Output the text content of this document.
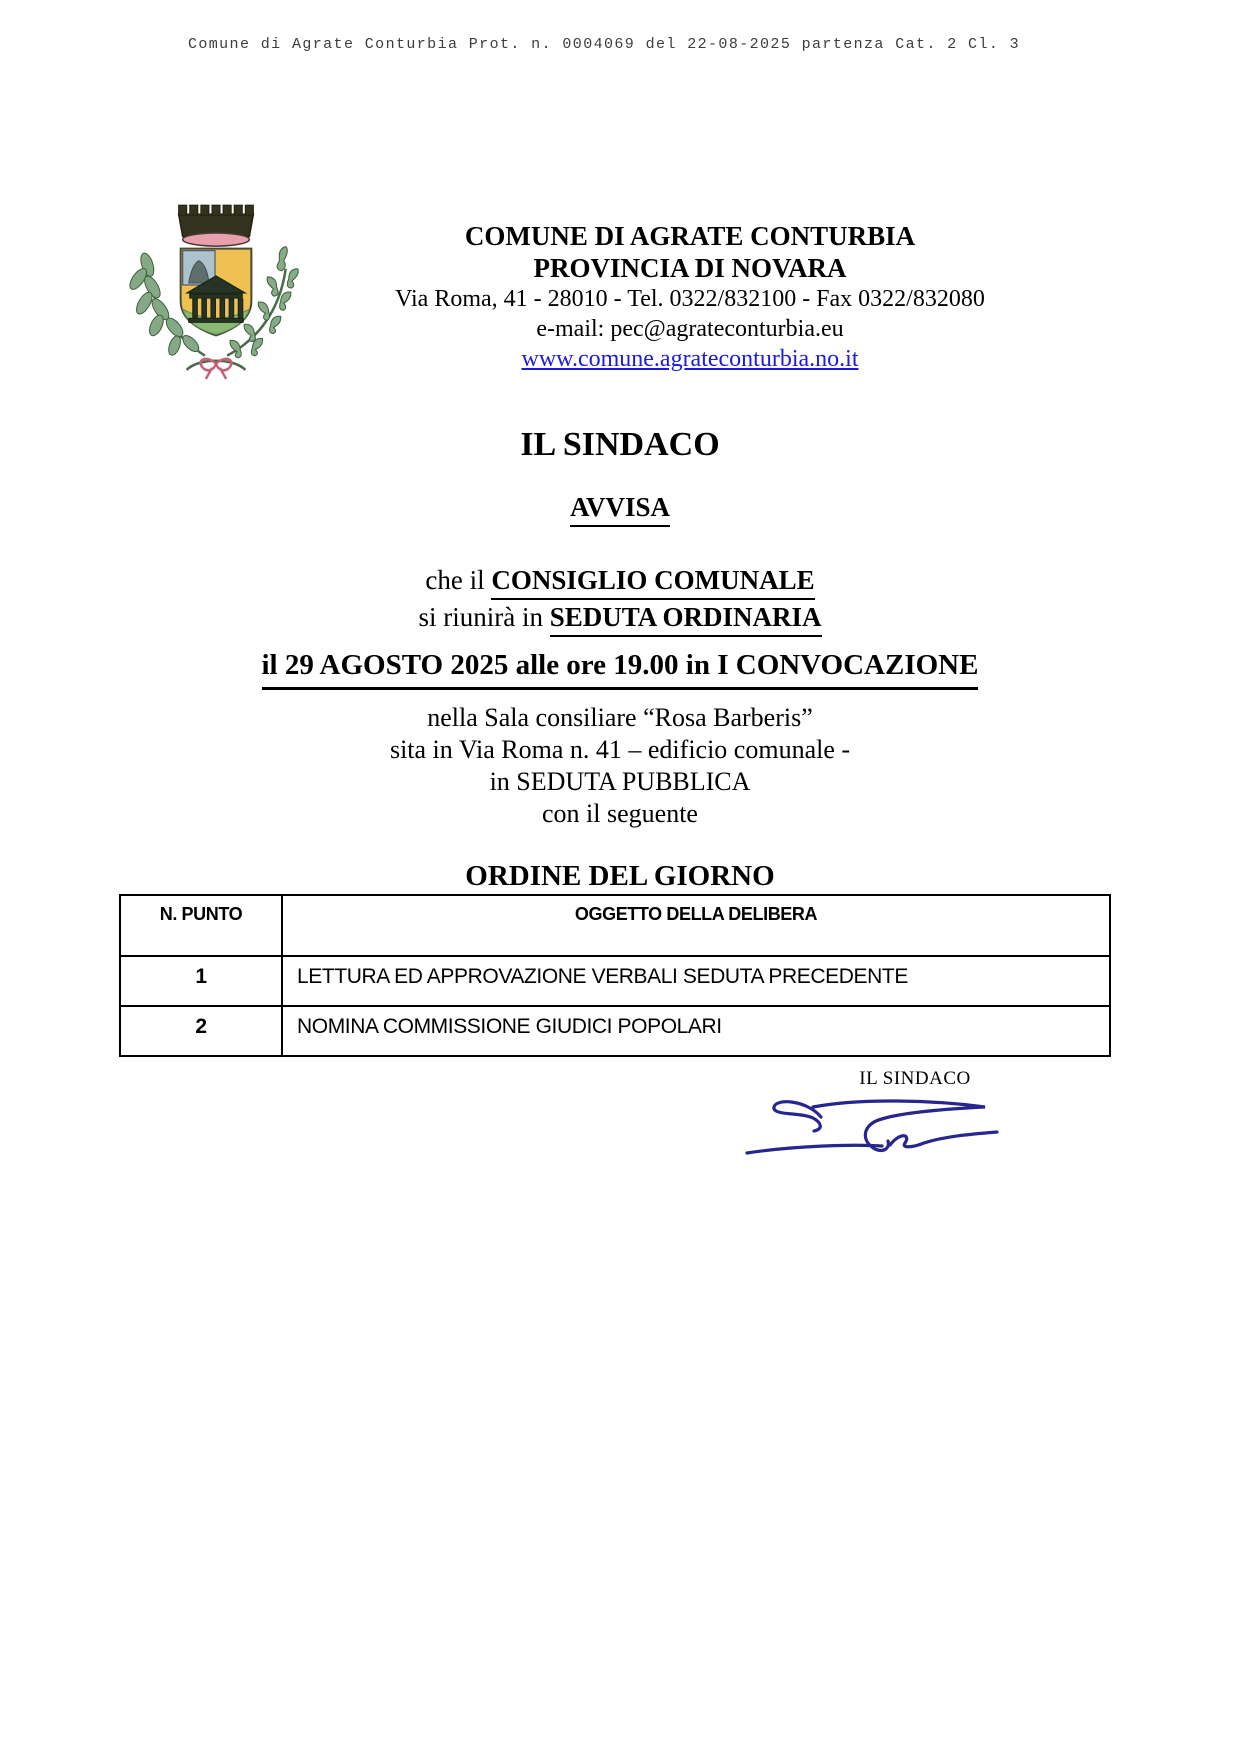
Comune di Agrate Conturbia Prot. n. 0004069 del 22-08-2025 partenza Cat. 2 Cl. 3
COMUNE DI AGRATE CONTURBIA
PROVINCIA DI NOVARA
Via Roma, 41 - 28010 - Tel. 0322/832100 - Fax 0322/832080
e-mail: pec@agrateconturbia.eu
www.comune.agrateconturbia.no.it
IL SINDACO
AVVISA
che il CONSIGLIO COMUNALE
si riunirà in SEDUTA ORDINARIA
il 29 AGOSTO 2025 alle ore 19.00 in I CONVOCAZIONE
nella Sala consiliare “Rosa Barberis”
sita in Via Roma n. 41 – edificio comunale -
in SEDUTA PUBBLICA
con il seguente
ORDINE DEL GIORNO
N. PUNTO	OGGETTO DELLA DELIBERA
1	LETTURA ED APPROVAZIONE VERBALI SEDUTA PRECEDENTE
2	NOMINA COMMISSIONE GIUDICI POPOLARI
IL SINDACO
